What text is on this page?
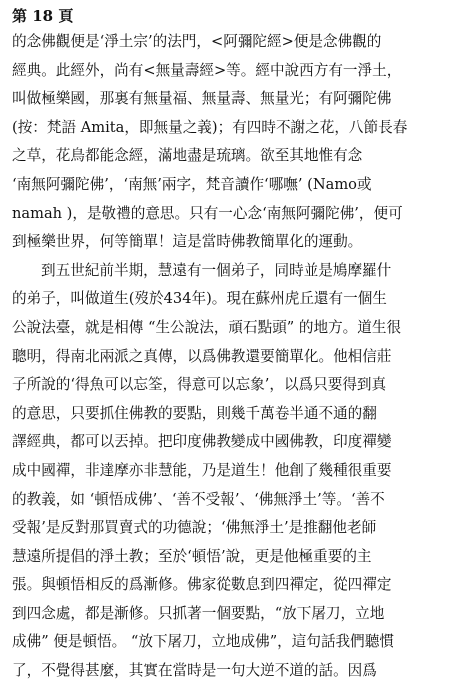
第 18 頁
的念佛觀便是‘淨土宗’的法門，<阿彌陀經>便是念佛觀的
經典。此經外，尚有<無量壽經>等。經中說西方有一淨土，
叫做極樂國，那裏有無量福、無量壽、無量光；有阿彌陀佛
(按：梵語 Amita，即無量之義)；有四時不謝之花，八節長春
之草，花鳥都能念經，滿地盡是琉璃。欲至其地惟有念
‘南無阿彌陀佛’，‘南無’兩字，梵音讀作‘哪嘸’ (Namo或
namah )，是敬禮的意思。只有一心念‘南無阿彌陀佛’，便可
到極樂世界，何等簡單！這是當時佛教簡單化的運動。
到五世紀前半期，慧遠有一個弟子，同時並是鳩摩羅什
的弟子，叫做道生(歿於434年)。現在蘇州虎丘還有一個生
公說法臺，就是相傳 “生公說法，頑石點頭” 的地方。道生很
聰明，得南北兩派之真傳，以爲佛教還要簡單化。他相信莊
子所說的‘得魚可以忘筌，得意可以忘象’，以爲只要得到真
的意思，只要抓住佛教的要點，則幾千萬卷半通不通的翻
譯經典，都可以丟掉。把印度佛教變成中國佛教，印度禪變
成中國禪，非達摩亦非慧能，乃是道生！他創了幾種很重要
的教義，如 ‘頓悟成佛’、‘善不受報’、‘佛無淨土’等。‘善不
受報’是反對那買賣式的功德說；‘佛無淨土’是推翻他老師
慧遠所提倡的淨土教；至於‘頓悟’說，更是他極重要的主
張。與頓悟相反的爲漸修。佛家從數息到四禪定，從四禪定
到四念處，都是漸修。只抓著一個要點，“放下屠刀，立地
成佛” 便是頓悟。 “放下屠刀，立地成佛”，這句話我們聽慣
了，不覺得甚麼，其實在當時是一句大逆不道的話。因爲
